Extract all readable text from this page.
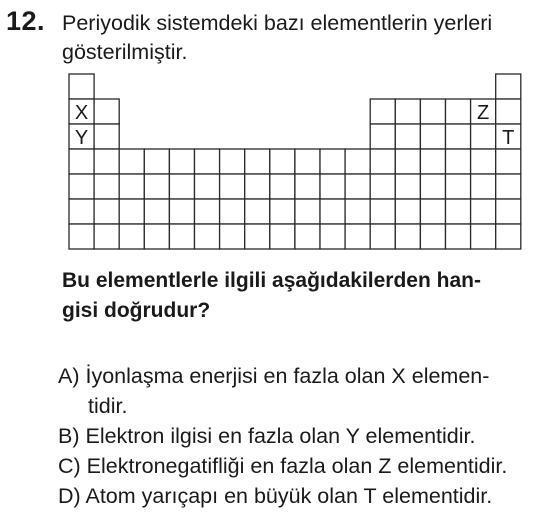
12. Periyodik sistemdeki bazı elementlerin yerleri
gösterilmiştir.
X
Y
Z
T
Bu elementlerle ilgili aşağıdakilerden han-
gisi doğrudur?
A) İyonlaşma enerjisi en fazla olan X elemen-
tidir.
B) Elektron ilgisi en fazla olan Y elementidir.
C) Elektronegatifliği en fazla olan Z elementidir.
D) Atom yarıçapı en büyük olan T elementidir.
